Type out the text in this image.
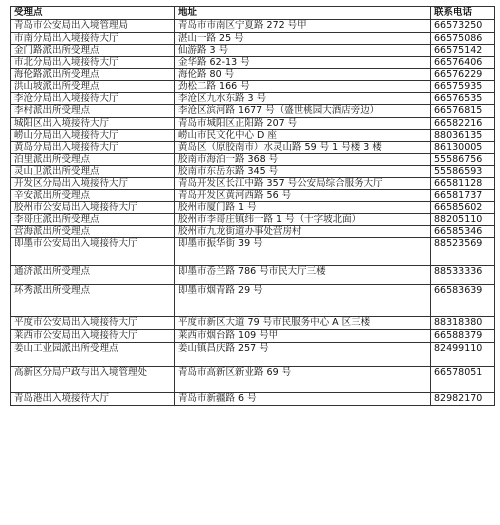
受理点	地址	联系电话
青岛市公安局出入境管理局	青岛市市南区宁夏路 272 号甲	66573250
市南分局出入境接待大厅	湛山一路 25 号	66575086
金门路派出所受理点	仙游路 3 号	66575142
市北分局出入境接待大厅	金华路 62-13 号	66576406
海伦路派出所受理点	海伦路 80 号	66576229
洪山坡派出所受理点	劲松二路 166 号	66575935
李沧分局出入境接待大厅	李沧区九水东路 3 号	66576535
李村派出所受理点	李沧区滨河路 1677 号（盛世桃园大酒店旁边）	66576815
城阳区出入境接待大厅	青岛市城阳区正阳路 207 号	66582216
崂山分局出入境接待大厅	崂山市民文化中心 D 座	88036135
黄岛分局出入境接待大厅	黄岛区（原胶南市）水灵山路 59 号 1 号楼 3 楼	86130005
泊里派出所受理点	胶南市海泊一路 368 号	55586756
灵山卫派出所受理点	胶南市东岳东路 345 号	55586593
开发区分局出入境接待大厅	青岛开发区长江中路 357 号公安局综合服务大厅	66581128
辛安派出所受理点	青岛开发区黄河西路 56 号	66581737
胶州市公安局出入境接待大厅	胶州市厦门路 1 号	66585602
李哥庄派出所受理点	胶州市李哥庄镇纬一路 1 号（十字坡北面）	88205110
营海派出所受理点	胶州市九龙街道办事处营房村	66585346
即墨市公安局出入境接待大厅	即墨市振华街 39 号	88523569
通济派出所受理点	即墨市岙兰路 786 号市民大厅三楼	88533336
环秀派出所受理点	即墨市烟青路 29 号	66583639
平度市公安局出入境接待大厅	平度市新区大道 79 号市民服务中心 A 区三楼	88318380
莱西市公安局出入境接待大厅	莱西市烟台路 109 号甲	66588379
姜山工业园派出所受理点	姜山镇昌庆路 257 号	82499110
高新区分局户政与出入境管理处	青岛市高新区新业路 69 号	66578051
青岛港出入境接待大厅	青岛市新疆路 6 号	82982170
